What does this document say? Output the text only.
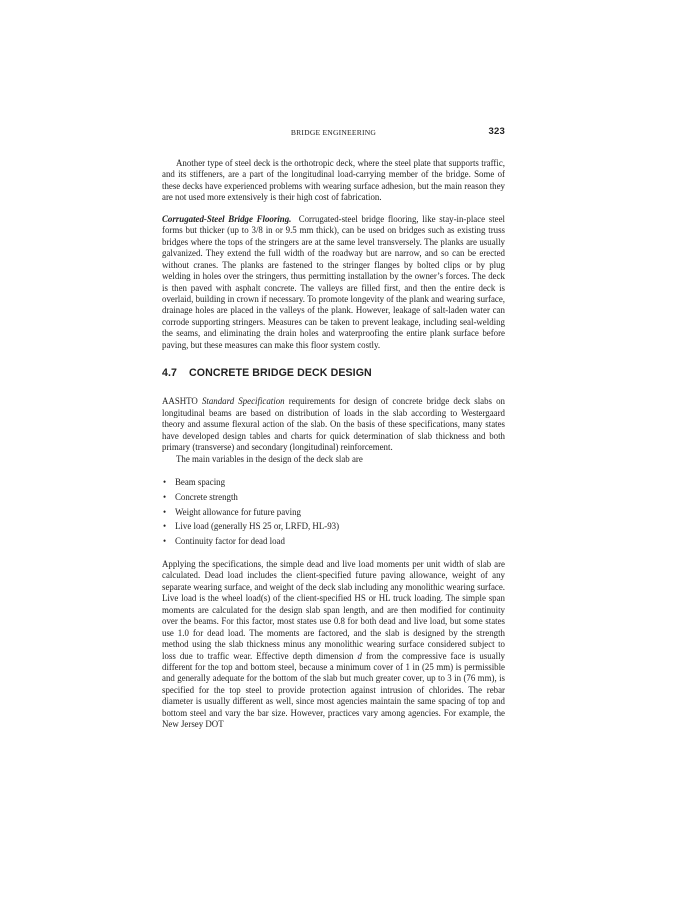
BRIDGE ENGINEERING	323

Another type of steel deck is the orthotropic deck, where the steel plate that supports traffic, and its stiffeners, are a part of the longitudinal load-carrying member of the bridge. Some of these decks have experienced problems with wearing surface adhesion, but the main reason they are not used more extensively is their high cost of fabrication.

Corrugated-Steel Bridge Flooring. Corrugated-steel bridge flooring, like stay-in-place steel forms but thicker (up to 3/8 in or 9.5 mm thick), can be used on bridges such as existing truss bridges where the tops of the stringers are at the same level transversely. The planks are usually galvanized. They extend the full width of the roadway but are narrow, and so can be erected without cranes. The planks are fastened to the stringer flanges by bolted clips or by plug welding in holes over the stringers, thus permitting installation by the owner’s forces. The deck is then paved with asphalt concrete. The valleys are filled first, and then the entire deck is overlaid, building in crown if necessary. To promote longevity of the plank and wearing surface, drainage holes are placed in the valleys of the plank. However, leakage of salt-laden water can corrode supporting stringers. Measures can be taken to prevent leakage, including seal-welding the seams, and eliminating the drain holes and waterproofing the entire plank surface before paving, but these measures can make this floor system costly.

4.7 CONCRETE BRIDGE DECK DESIGN

AASHTO Standard Specification requirements for design of concrete bridge deck slabs on longitudinal beams are based on distribution of loads in the slab according to Westergaard theory and assume flexural action of the slab. On the basis of these specifications, many states have developed design tables and charts for quick determination of slab thickness and both primary (transverse) and secondary (longitudinal) reinforcement.

The main variables in the design of the deck slab are

• Beam spacing
• Concrete strength
• Weight allowance for future paving
• Live load (generally HS 25 or, LRFD, HL-93)
• Continuity factor for dead load

Applying the specifications, the simple dead and live load moments per unit width of slab are calculated. Dead load includes the client-specified future paving allowance, weight of any separate wearing surface, and weight of the deck slab including any monolithic wearing surface. Live load is the wheel load(s) of the client-specified HS or HL truck loading. The simple span moments are calculated for the design slab span length, and are then modified for continuity over the beams. For this factor, most states use 0.8 for both dead and live load, but some states use 1.0 for dead load. The moments are factored, and the slab is designed by the strength method using the slab thickness minus any monolithic wearing surface considered subject to loss due to traffic wear. Effective depth dimension d from the compressive face is usually different for the top and bottom steel, because a minimum cover of 1 in (25 mm) is permissible and generally adequate for the bottom of the slab but much greater cover, up to 3 in (76 mm), is specified for the top steel to provide protection against intrusion of chlorides. The rebar diameter is usually different as well, since most agencies maintain the same spacing of top and bottom steel and vary the bar size. However, practices vary among agencies. For example, the New Jersey DOT
